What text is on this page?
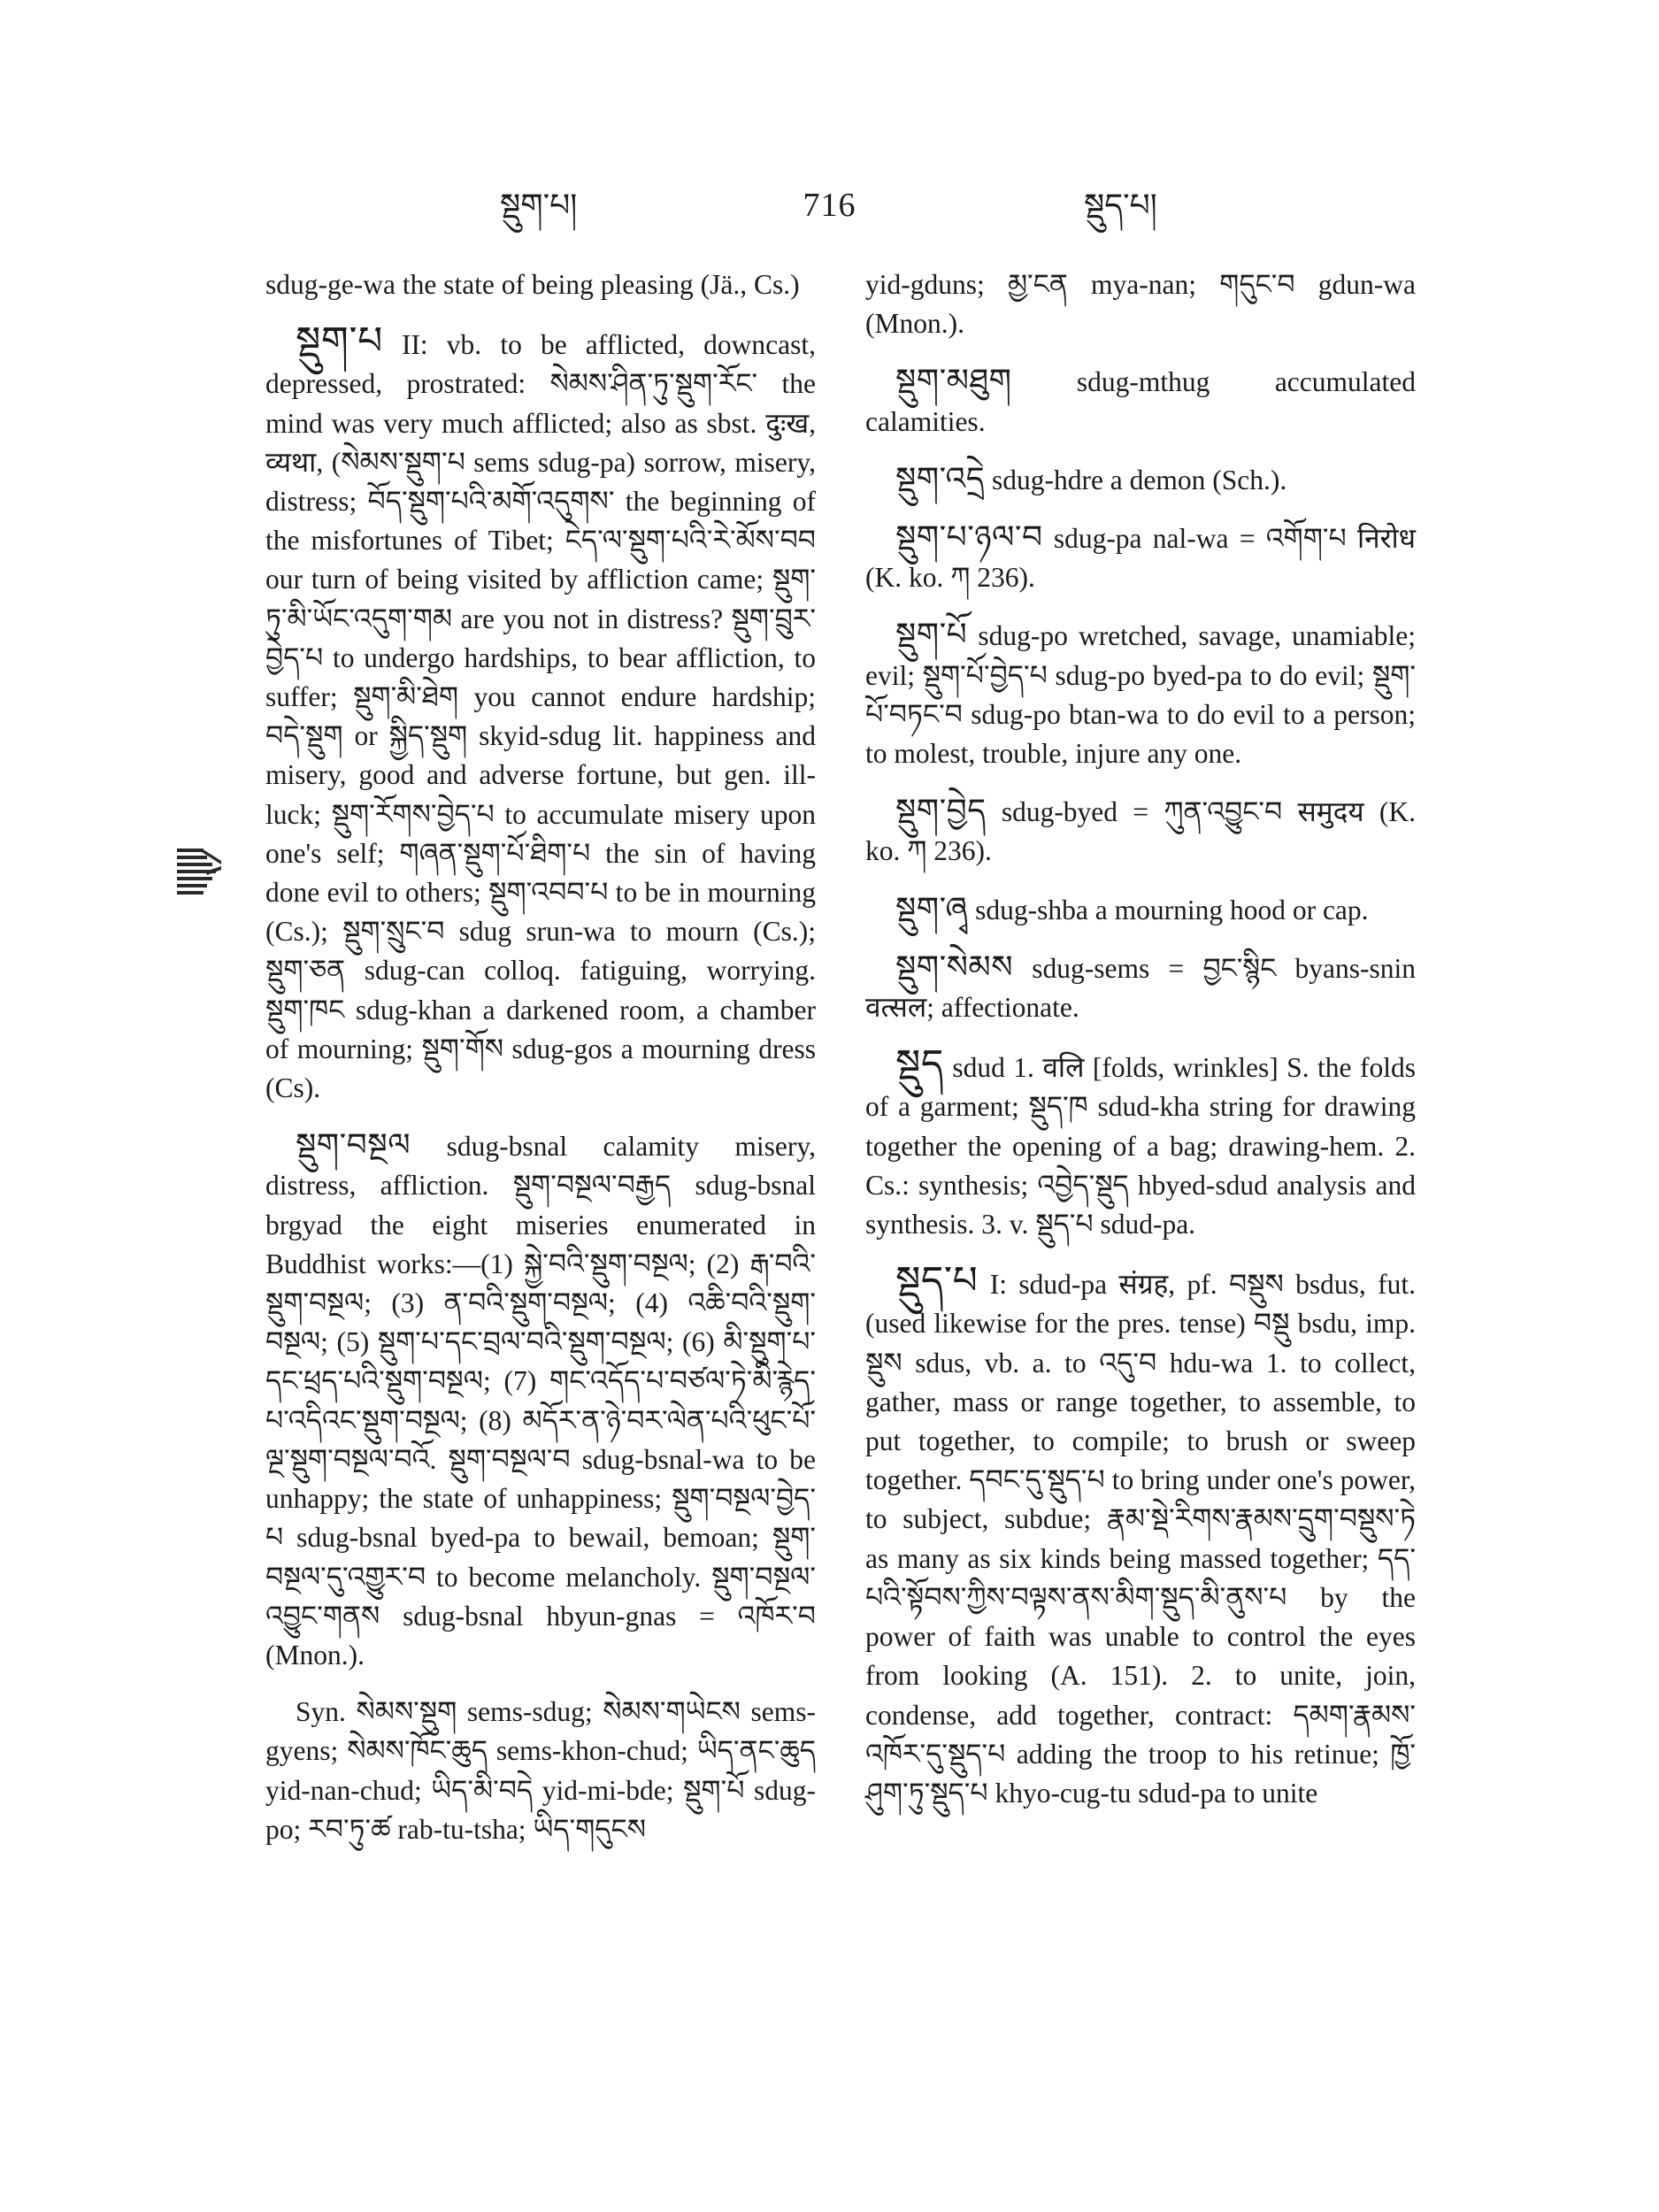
སྡུག་པ།	716	སྡུད་པ།

sdug-ge-wa the state of being pleasing (Jä., Cs.)

སྡུག་པ II: vb. to be afflicted, downcast, depressed, prostrated: སེམས་ཤིན་ཏུ་སྡུག་རོང་ the mind was very much afflicted; also as sbst. दुःख, व्यथा, (སེམས་སྡུག་པ sems sdug-pa) sorrow, misery, distress; བོད་སྡུག་པའི་མགོ་འདུགས་ the beginning of the misfortunes of Tibet; ངེད་ལ་སྡུག་པའི་རེ་མོས་བབ our turn of being visited by affliction came; སྡུག་ཏུ་མི་ཡོང་འདུག་གམ are you not in distress? སྡུག་བྲུར་བྱེད་པ to undergo hardships, to bear affliction, to suffer; སྡུག་མི་ཐེག you cannot endure hardship; བདེ་སྡུག or སྐྱིད་སྡུག skyid-sdug lit. happiness and misery, good and adverse fortune, but gen. ill-luck; སྡུག་རོགས་བྱེད་པ to accumulate misery upon one's self; གཞན་སྡུག་པོ་ཐིག་པ the sin of having done evil to others; སྡུག་འབབ་པ to be in mourning (Cs.); སྡུག་སྲུང་བ sdug srun-wa to mourn (Cs.); སྡུག་ཅན sdug-can colloq. fatiguing, worrying. སྡུག་ཁང sdug-khan a darkened room, a chamber of mourning; སྡུག་གོས sdug-gos a mourning dress (Cs).

སྡུག་བསྔལ sdug-bsnal calamity misery, distress, affliction. སྡུག་བསྔལ་བརྒྱད sdug-bsnal brgyad the eight miseries enumerated in Buddhist works:—(1) སྐྱེ་བའི་སྡུག་བསྔལ; (2) རྒ་བའི་སྡུག་བསྔལ; (3) ན་བའི་སྡུག་བསྔལ; (4) འཆི་བའི་སྡུག་བསྔལ; (5) སྡུག་པ་དང་བྲལ་བའི་སྡུག་བསྔལ; (6) མི་སྡུག་པ་དང་ཕྲད་པའི་སྡུག་བསྔལ; (7) གང་འདོད་པ་བཙལ་ཏེ་མི་རྙེད་པ་འདིའང་སྡུག་བསྔལ; (8) མདོར་ན་ཉེ་བར་ལེན་པའི་ཕུང་པོ་ལྔ་སྡུག་བསྔལ་བའོ. སྡུག་བསྔལ་བ sdug-bsnal-wa to be unhappy; the state of unhappiness; སྡུག་བསྔལ་བྱེད་པ sdug-bsnal byed-pa to bewail, bemoan; སྡུག་བསྔལ་དུ་འགྱུར་བ to become melancholy. སྡུག་བསྔལ་འབྱུང་གནས sdug-bsnal hbyun-gnas = འཁོར་བ (Mnon.).

Syn. སེམས་སྡུག sems-sdug; སེམས་གཡེངས sems-gyens; སེམས་ཁོང་ཆུད sems-khon-chud; ཡིད་ནང་ཆུད yid-nan-chud; ཡིད་མི་བདེ yid-mi-bde; སྡུག་པོ sdug-po; རབ་ཏུ་ཚ rab-tu-tsha; ཡིད་གདུངས

yid-gduns; མྱ་ངན mya-nan; གདུང་བ gdun-wa (Mnon.).

སྡུག་མཐུག sdug-mthug accumulated calamities.

སྡུག་འདྲེ sdug-hdre a demon (Sch.).

སྡུག་པ་ཉལ་བ sdug-pa nal-wa = འགོག་པ निरोध (K. ko. ཀ 236).

སྡུག་པོ sdug-po wretched, savage, unamiable; evil; སྡུག་པོ་བྱེད་པ sdug-po byed-pa to do evil; སྡུག་པོ་བཏང་བ sdug-po btan-wa to do evil to a person; to molest, trouble, injure any one.

སྡུག་བྱེད sdug-byed = ཀུན་འབྱུང་བ समुदय (K. ko. ཀ 236).

སྡུག་ཞྭ sdug-shba a mourning hood or cap.

སྡུག་སེམས sdug-sems = བྱང་སྙིང byans-snin वत्सल; affectionate.

སྡུད sdud 1. वलि [folds, wrinkles] S. the folds of a garment; སྡུད་ཁ sdud-kha string for drawing together the opening of a bag; drawing-hem. 2. Cs.: synthesis; འབྱེད་སྡུད hbyed-sdud analysis and synthesis. 3. v. སྡུད་པ sdud-pa.

སྡུད་པ I: sdud-pa संग्रह, pf. བསྡུས bsdus, fut. (used likewise for the pres. tense) བསྡུ bsdu, imp. སྡུས sdus, vb. a. to འདུ་བ hdu-wa 1. to collect, gather, mass or range together, to assemble, to put together, to compile; to brush or sweep together. དབང་དུ་སྡུད་པ to bring under one's power, to subject, subdue; རྣམ་སྡེ་རིགས་རྣམས་དྲུག་བསྡུས་ཏེ as many as six kinds being massed together; དད་པའི་སྟོབས་ཀྱིས་བལྟས་ནས་མིག་སྡུད་མི་ནུས་པ by the power of faith was unable to control the eyes from looking (A. 151). 2. to unite, join, condense, add together, contract: དམག་རྣམས་འཁོར་དུ་སྡུད་པ adding the troop to his retinue; ཁྱོ་ཤུག་ཏུ་སྡུད་པ khyo-cug-tu sdud-pa to unite
